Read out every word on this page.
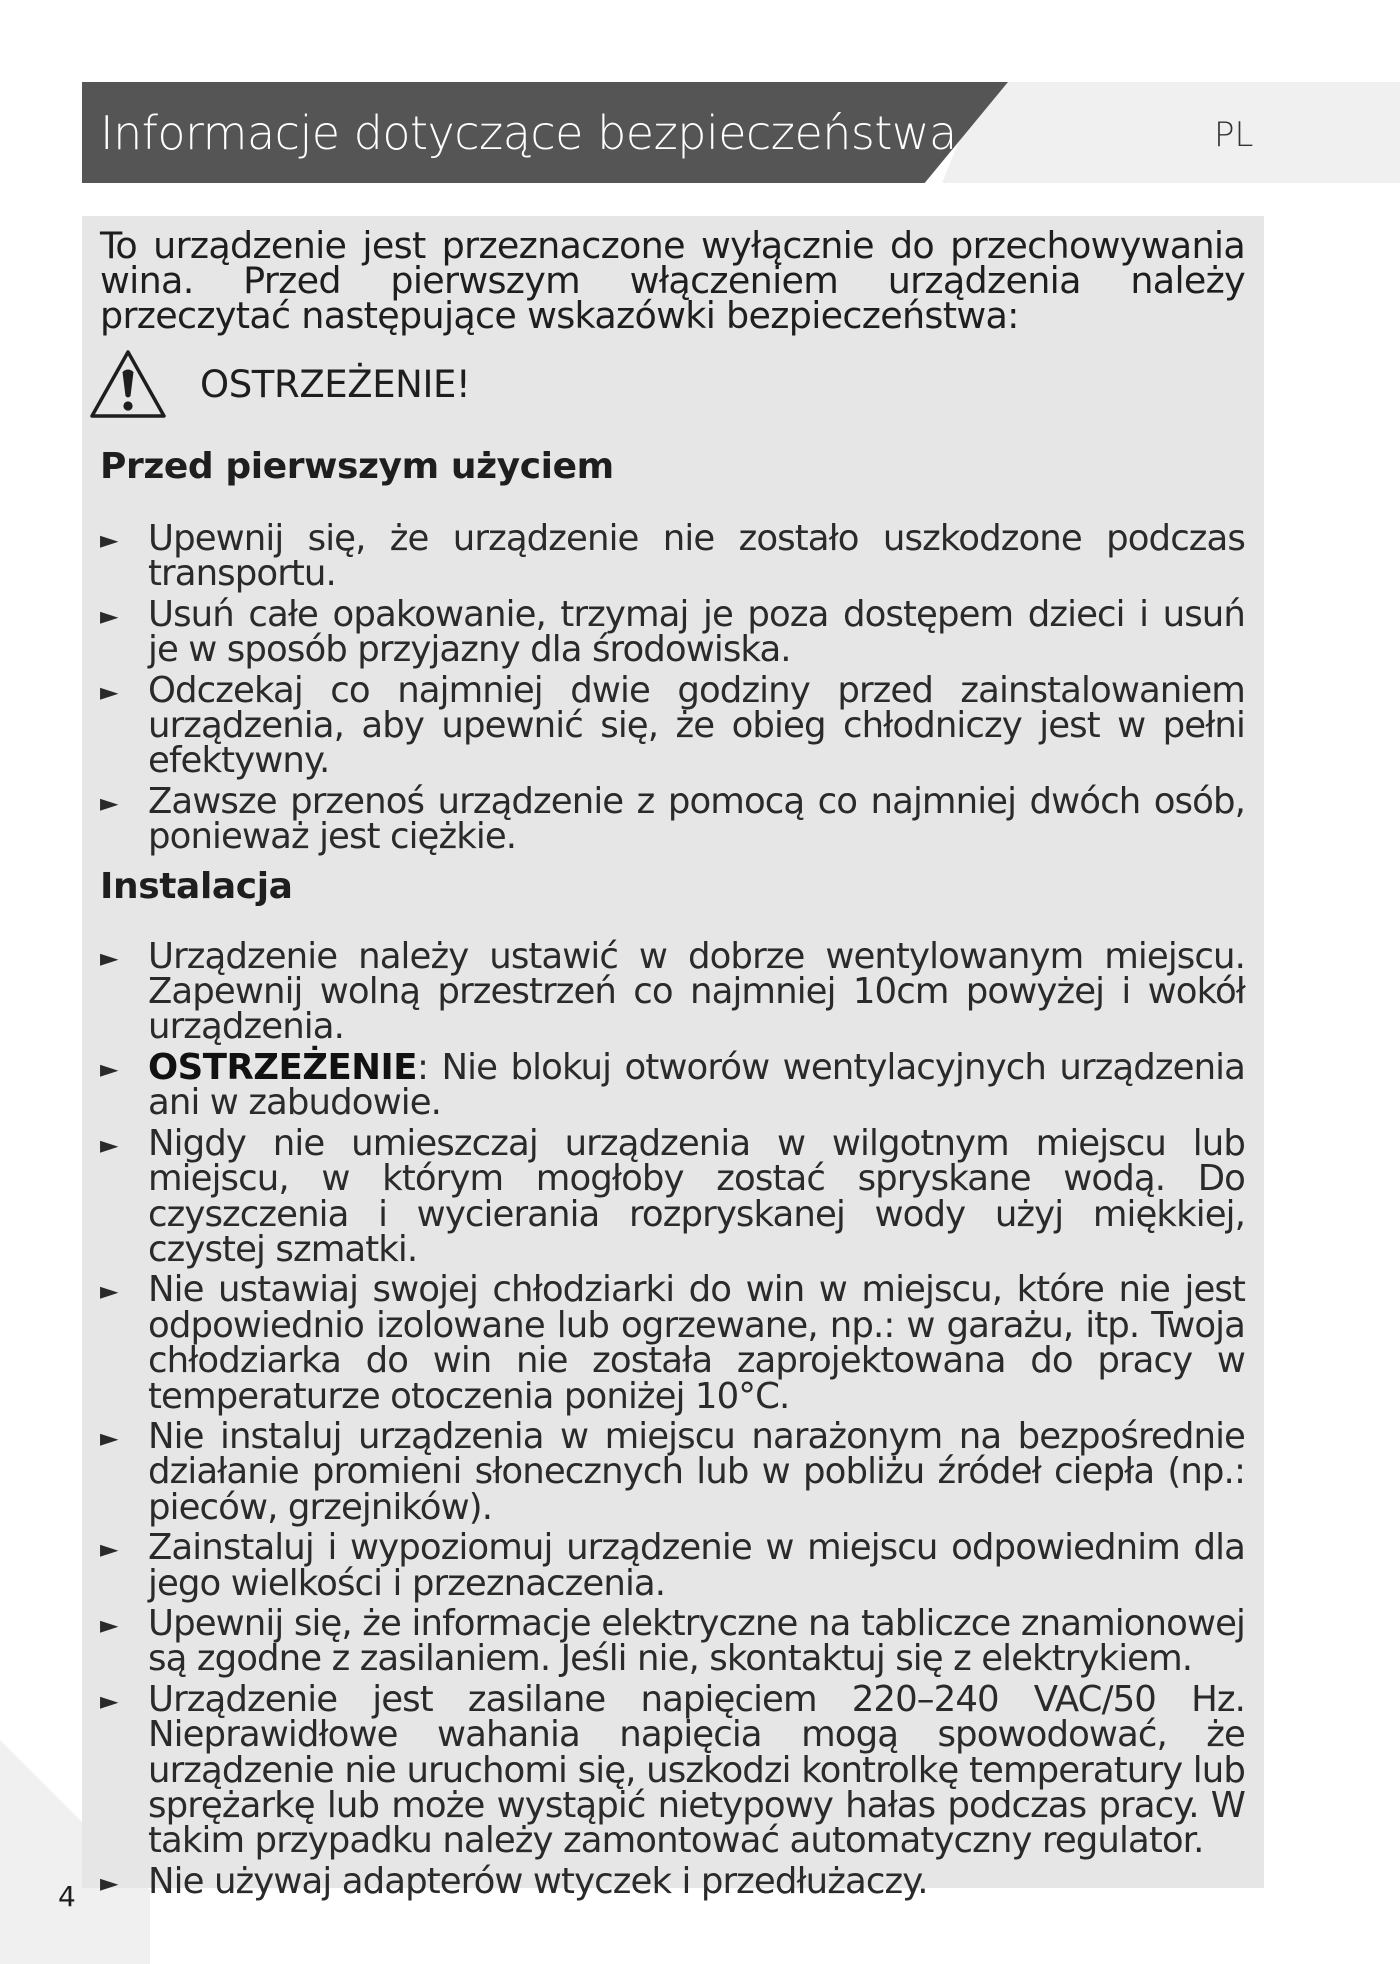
Informacje dotyczące bezpieczeństwa	PL

To urządzenie jest przeznaczone wyłącznie do przechowywania wina. Przed pierwszym włączeniem urządzenia należy przeczytać następujące wskazówki bezpieczeństwa:

OSTRZEŻENIE!
Przed pierwszym użyciem
► Upewnij się, że urządzenie nie zostało uszkodzone podczas transportu.
► Usuń całe opakowanie, trzymaj je poza dostępem dzieci i usuń je w sposób przyjazny dla środowiska.
► Odczekaj co najmniej dwie godziny przed zainstalowaniem urządzenia, aby upewnić się, że obieg chłodniczy jest w pełni efektywny.
► Zawsze przenoś urządzenie z pomocą co najmniej dwóch osób, ponieważ jest ciężkie.
Instalacja
► Urządzenie należy ustawić w dobrze wentylowanym miejscu. Zapewnij wolną przestrzeń co najmniej 10cm powyżej i wokół urządzenia.
► OSTRZEŻENIE: Nie blokuj otworów wentylacyjnych urządzenia ani w zabudowie.
► Nigdy nie umieszczaj urządzenia w wilgotnym miejscu lub miejscu, w którym mogłoby zostać spryskane wodą. Do czyszczenia i wycierania rozpryskanej wody użyj miękkiej, czystej szmatki.
► Nie ustawiaj swojej chłodziarki do win w miejscu, które nie jest odpowiednio izolowane lub ogrzewane, np.: w garażu, itp. Twoja chłodziarka do win nie została zaprojektowana do pracy w temperaturze otoczenia poniżej 10°C.
► Nie instaluj urządzenia w miejscu narażonym na bezpośrednie działanie promieni słonecznych lub w pobliżu źródeł ciepła (np.: pieców, grzejników).
► Zainstaluj i wypoziomuj urządzenie w miejscu odpowiednim dla jego wielkości i przeznaczenia.
► Upewnij się, że informacje elektryczne na tabliczce znamionowej są zgodne z zasilaniem. Jeśli nie, skontaktuj się z elektrykiem.
► Urządzenie jest zasilane napięciem 220–240 VAC/50 Hz. Nieprawidłowe wahania napięcia mogą spowodować, że urządzenie nie uruchomi się, uszkodzi kontrolkę temperatury lub sprężarkę lub może wystąpić nietypowy hałas podczas pracy. W takim przypadku należy zamontować automatyczny regulator.
► Nie używaj adapterów wtyczek i przedłużaczy.
4
